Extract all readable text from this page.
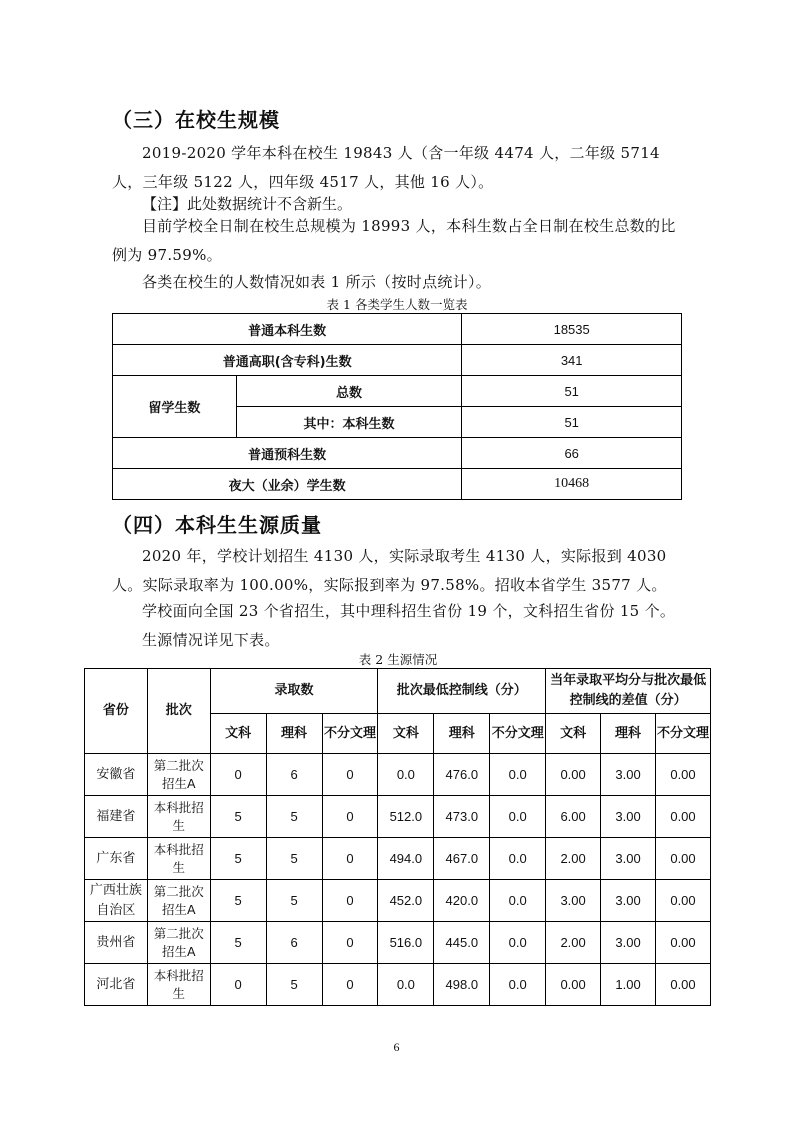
（三）在校生规模

2019-2020 学年本科在校生 19843 人（含一年级 4474 人，二年级 5714 人，三年级 5122 人，四年级 4517 人，其他 16 人）。

【注】此处数据统计不含新生。

目前学校全日制在校生总规模为 18993 人，本科生数占全日制在校生总数的比例为 97.59%。

各类在校生的人数情况如表 1 所示（按时点统计）。

表 1 各类学生人数一览表
普通本科生数		18535
普通高职(含专科)生数		341
留学生数	总数	51
	其中：本科生数	51
普通预科生数		66
夜大（业余）学生数		10468
（四）本科生生源质量

2020 年，学校计划招生 4130 人，实际录取考生 4130 人，实际报到 4030 人。实际录取率为 100.00%，实际报到率为 97.58%。招收本省学生 3577 人。

学校面向全国 23 个省招生，其中理科招生省份 19 个，文科招生省份 15 个。

生源情况详见下表。

表 2 生源情况
省份	批次	录取数			批次最低控制线（分）			当年录取平均分与批次最低控制线的差值（分）		
		文科	理科	不分文理	文科	理科	不分文理	文科	理科	不分文理
安徽省	第二批次招生A	0	6	0	0.0	476.0	0.0	0.00	3.00	0.00
福建省	本科批招生	5	5	0	512.0	473.0	0.0	6.00	3.00	0.00
广东省	本科批招生	5	5	0	494.0	467.0	0.0	2.00	3.00	0.00
广西壮族自治区	第二批次招生A	5	5	0	452.0	420.0	0.0	3.00	3.00	0.00
贵州省	第二批次招生A	5	6	0	516.0	445.0	0.0	2.00	3.00	0.00
河北省	本科批招生	0	5	0	0.0	498.0	0.0	0.00	1.00	0.00
6
